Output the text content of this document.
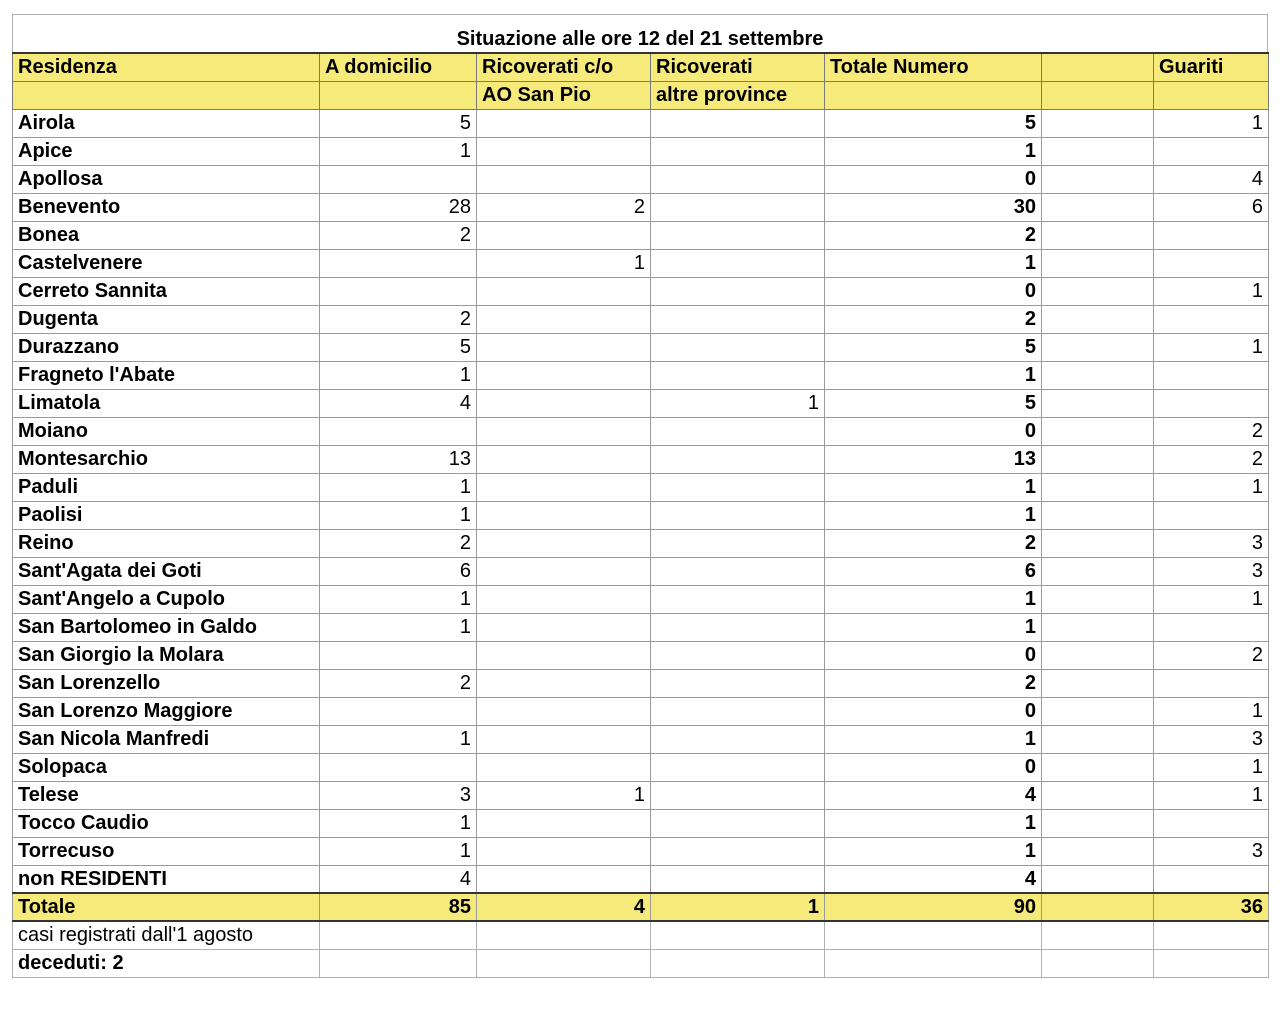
Situazione alle ore 12 del 21 settembre
Residenza	A domicilio	Ricoverati c/o	Ricoverati	Totale Numero		Guariti
		AO San Pio	altre province			
Airola	5			5		1
Apice	1			1		
Apollosa				0		4
Benevento	28	2		30		6
Bonea	2			2		
Castelvenere		1		1		
Cerreto Sannita				0		1
Dugenta	2			2		
Durazzano	5			5		1
Fragneto l'Abate	1			1		
Limatola	4		1	5		
Moiano				0		2
Montesarchio	13			13		2
Paduli	1			1		1
Paolisi	1			1		
Reino	2			2		3
Sant'Agata dei Goti	6			6		3
Sant'Angelo a Cupolo	1			1		1
San Bartolomeo in Galdo	1			1		
San Giorgio la Molara				0		2
San Lorenzello	2			2		
San Lorenzo Maggiore				0		1
San Nicola Manfredi	1			1		3
Solopaca				0		1
Telese	3	1		4		1
Tocco Caudio	1			1		
Torrecuso	1			1		3
non RESIDENTI	4			4		
Totale	85	4	1	90		36
casi registrati dall'1 agosto						
deceduti: 2						
